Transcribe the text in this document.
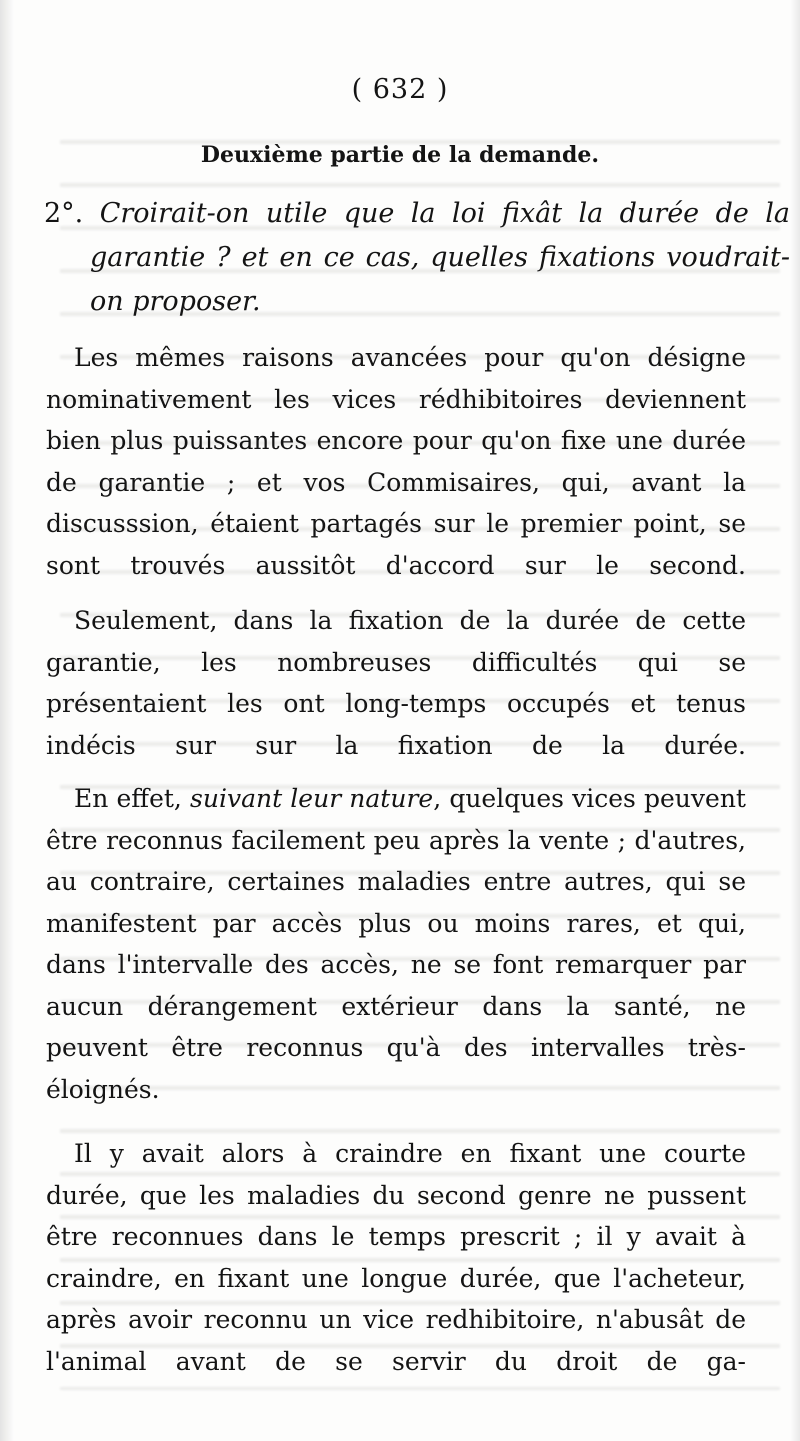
( 632 )
Deuxième partie de la demande.

2°. Croirait-on utile que la loi fixât la durée de la garantie ? et en ce cas, quelles fixations voudrait-on proposer.

Les mêmes raisons avancées pour qu'on désigne nominativement les vices rédhibitoires deviennent bien plus puissantes encore pour qu'on fixe une durée de garantie ; et vos Commisaires, qui, avant la discusssion, étaient partagés sur le premier point, se sont trouvés aussitôt d'accord sur le second.

Seulement, dans la fixation de la durée de cette garantie, les nombreuses difficultés qui se présentaient les ont long-temps occupés et tenus indécis sur sur la fixation de la durée.

En effet, suivant leur nature, quelques vices peuvent être reconnus facilement peu après la vente ; d'autres, au contraire, certaines maladies entre autres, qui se manifestent par accès plus ou moins rares, et qui, dans l'intervalle des accès, ne se font remarquer par aucun dérangement extérieur dans la santé, ne peuvent être reconnus qu'à des intervalles très-éloignés.

Il y avait alors à craindre en fixant une courte durée, que les maladies du second genre ne pussent être reconnues dans le temps prescrit ; il y avait à craindre, en fixant une longue durée, que l'acheteur, après avoir reconnu un vice redhibitoire, n'abusât de l'animal avant de se servir du droit de ga-
